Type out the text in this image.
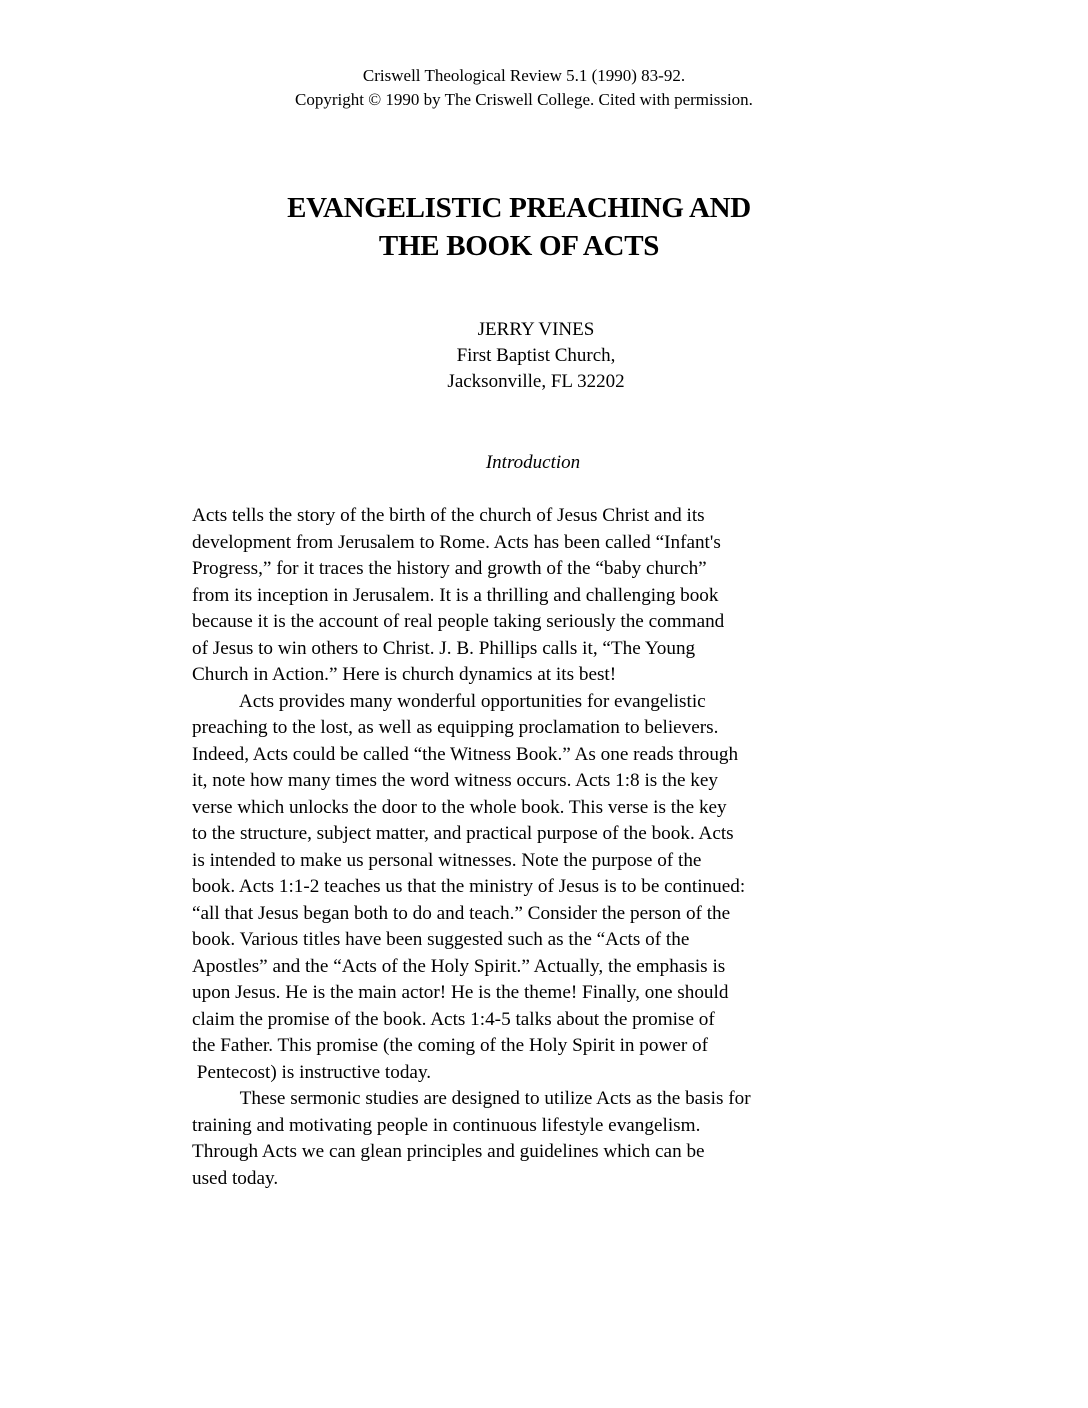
Criswell Theological Review 5.1 (1990) 83-92.
Copyright © 1990 by The Criswell College. Cited with permission.
EVANGELISTIC PREACHING AND
THE BOOK OF ACTS
JERRY VINES
First Baptist Church,
Jacksonville, FL 32202
Introduction
Acts tells the story of the birth of the church of Jesus Christ and its
development from Jerusalem to Rome. Acts has been called “Infant's
Progress,” for it traces the history and growth of the “baby church”
from its inception in Jerusalem. It is a thrilling and challenging book
because it is the account of real people taking seriously the command
of Jesus to win others to Christ. J. B. Phillips calls it, “The Young
Church in Action.” Here is church dynamics at its best!
Acts provides many wonderful opportunities for evangelistic
preaching to the lost, as well as equipping proclamation to believers.
Indeed, Acts could be called “the Witness Book.” As one reads through
it, note how many times the word witness occurs. Acts 1:8 is the key
verse which unlocks the door to the whole book. This verse is the key
to the structure, subject matter, and practical purpose of the book. Acts
is intended to make us personal witnesses. Note the purpose of the
book. Acts 1:1-2 teaches us that the ministry of Jesus is to be continued:
“all that Jesus began both to do and teach.” Consider the person of the
book. Various titles have been suggested such as the “Acts of the
Apostles” and the “Acts of the Holy Spirit.” Actually, the emphasis is
upon Jesus. He is the main actor! He is the theme! Finally, one should
claim the promise of the book. Acts 1:4-5 talks about the promise of
the Father. This promise (the coming of the Holy Spirit in power of
Pentecost) is instructive today.
These sermonic studies are designed to utilize Acts as the basis for
training and motivating people in continuous lifestyle evangelism.
Through Acts we can glean principles and guidelines which can be
used today.
